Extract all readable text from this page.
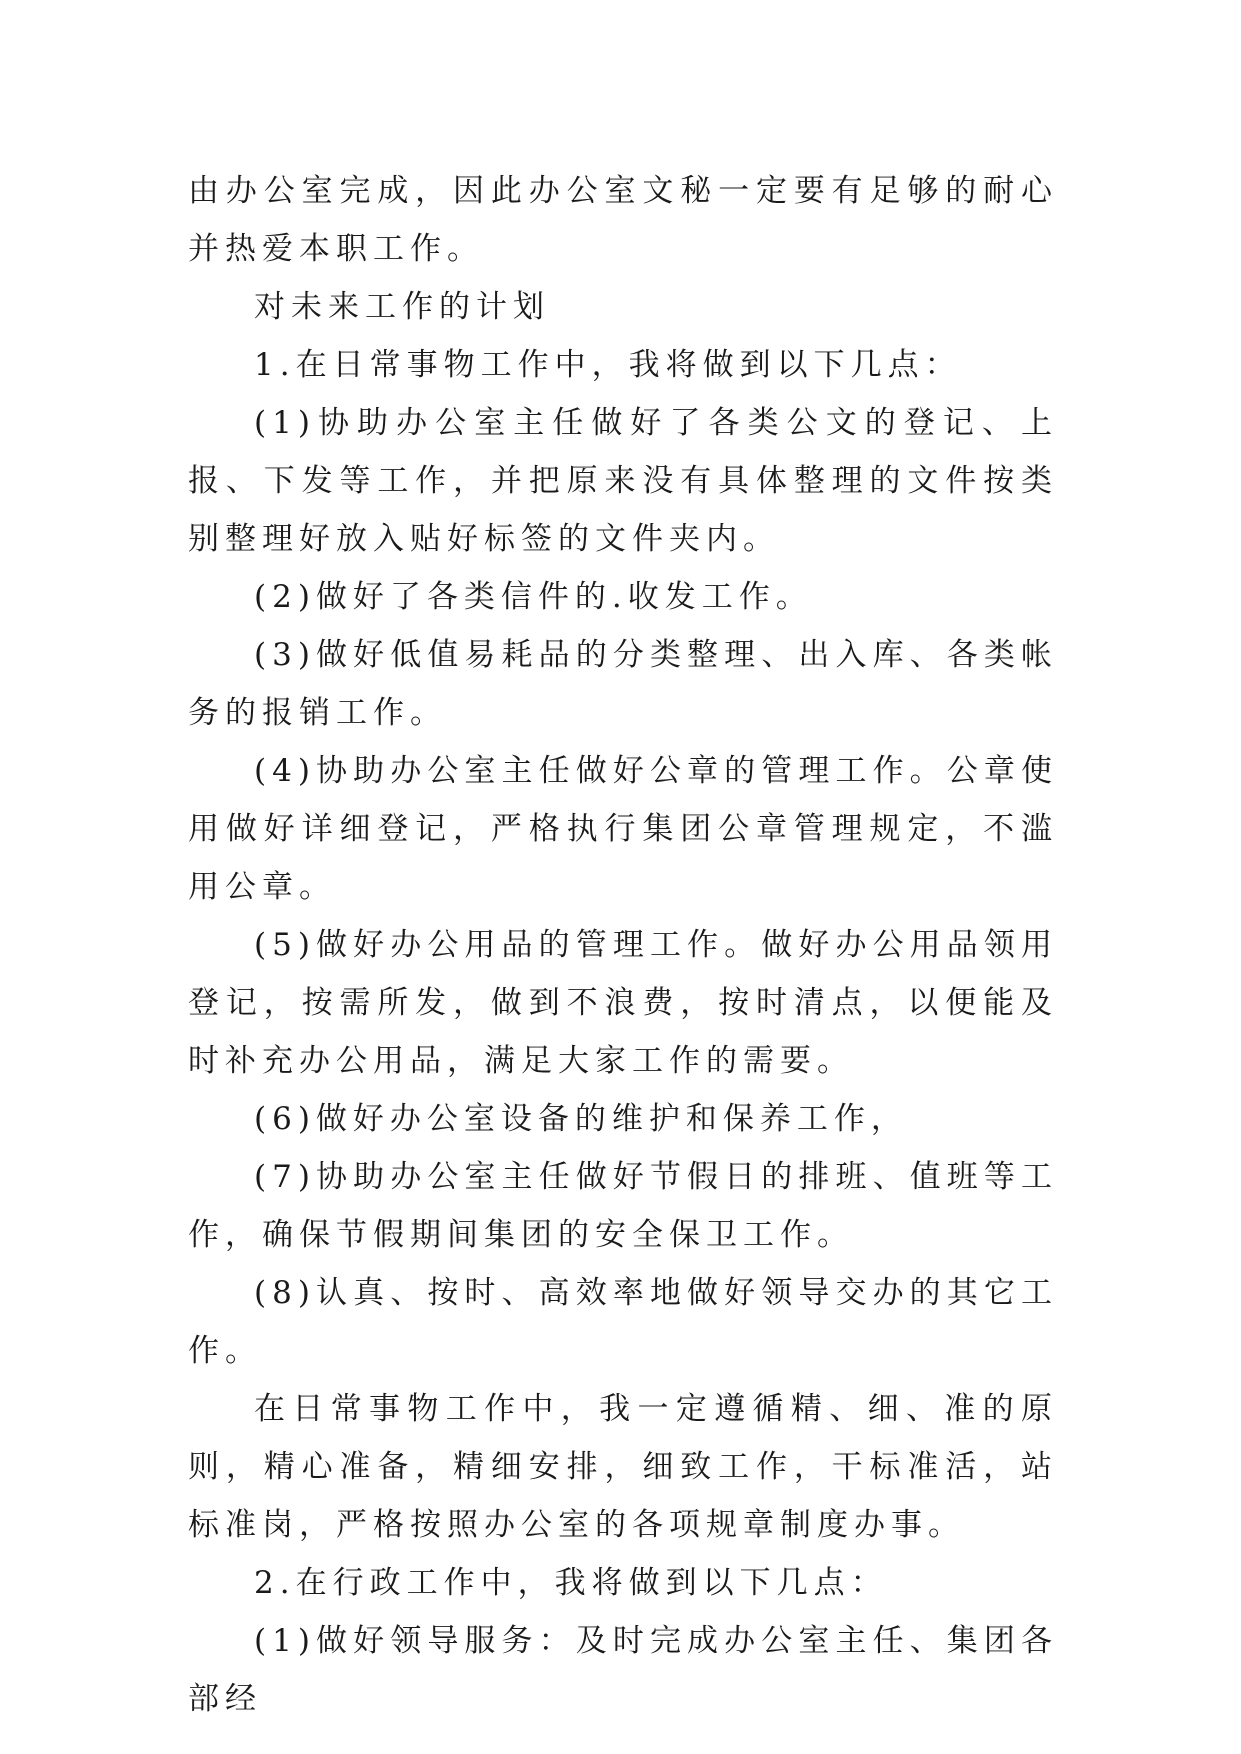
由办公室完成，因此办公室文秘一定要有足够的耐心并热爱本职工作。

对未来工作的计划

1.在日常事物工作中，我将做到以下几点：

(1)协助办公室主任做好了各类公文的登记、上报、下发等工作，并把原来没有具体整理的文件按类别整理好放入贴好标签的文件夹内。

(2)做好了各类信件的.收发工作。

(3)做好低值易耗品的分类整理、出入库、各类帐务的报销工作。

(4)协助办公室主任做好公章的管理工作。公章使用做好详细登记，严格执行集团公章管理规定，不滥用公章。

(5)做好办公用品的管理工作。做好办公用品领用登记，按需所发，做到不浪费，按时清点，以便能及时补充办公用品，满足大家工作的需要。

(6)做好办公室设备的维护和保养工作，

(7)协助办公室主任做好节假日的排班、值班等工作，确保节假期间集团的安全保卫工作。

(8)认真、按时、高效率地做好领导交办的其它工作。

在日常事物工作中，我一定遵循精、细、准的原则，精心准备，精细安排，细致工作，干标准活，站标准岗，严格按照办公室的各项规章制度办事。

2.在行政工作中，我将做到以下几点：

(1)做好领导服务：及时完成办公室主任、集团各部经
